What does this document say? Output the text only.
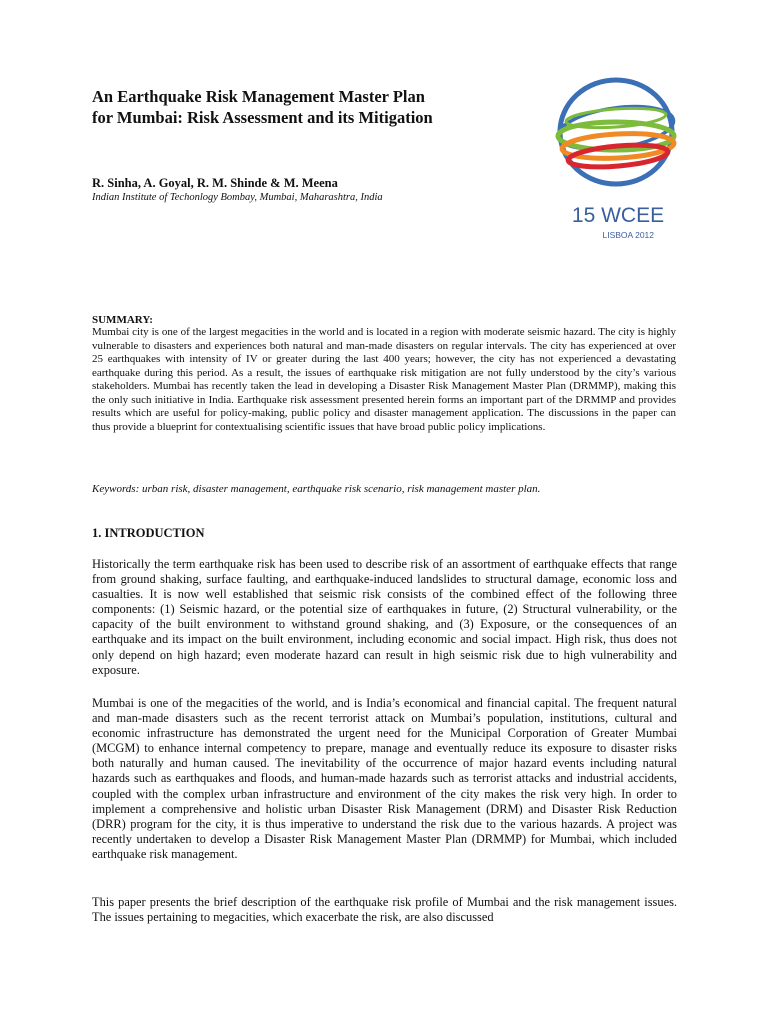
An Earthquake Risk Management Master Plan
for Mumbai: Risk Assessment and its Mitigation
15 WCEE
LISBOA 2012
R. Sinha, A. Goyal, R. M. Shinde & M. Meena
Indian Institute of Techonlogy Bombay, Mumbai, Maharashtra, India
SUMMARY:

Mumbai city is one of the largest megacities in the world and is located in a region with moderate seismic hazard. The city is highly vulnerable to disasters and experiences both natural and man-made disasters on regular intervals. The city has experienced at over 25 earthquakes with intensity of IV or greater during the last 400 years; however, the city has not experienced a devastating earthquake during this period. As a result, the issues of earthquake risk mitigation are not fully understood by the city’s various stakeholders. Mumbai has recently taken the lead in developing a Disaster Risk Management Master Plan (DRMMP), making this the only such initiative in India. Earthquake risk assessment presented herein forms an important part of the DRMMP and provides results which are useful for policy-making, public policy and disaster management application. The discussions in the paper can thus provide a blueprint for contextualising scientific issues that have broad public policy implications.

Keywords: urban risk, disaster management, earthquake risk scenario, risk management master plan.

1. INTRODUCTION

Historically the term earthquake risk has been used to describe risk of an assortment of earthquake effects that range from ground shaking, surface faulting, and earthquake-induced landslides to structural damage, economic loss and casualties. It is now well established that seismic risk consists of the combined effect of the following three components: (1) Seismic hazard, or the potential size of earthquakes in future, (2) Structural vulnerability, or the capacity of the built environment to withstand ground shaking, and (3) Exposure, or the consequences of an earthquake and its impact on the built environment, including economic and social impact. High risk, thus does not only depend on high hazard; even moderate hazard can result in high seismic risk due to high vulnerability and exposure.

Mumbai is one of the megacities of the world, and is India’s economical and financial capital. The frequent natural and man-made disasters such as the recent terrorist attack on Mumbai’s population, institutions, cultural and economic infrastructure has demonstrated the urgent need for the Municipal Corporation of Greater Mumbai (MCGM) to enhance internal competency to prepare, manage and eventually reduce its exposure to disaster risks both naturally and human caused. The inevitability of the occurrence of major hazard events including natural hazards such as earthquakes and floods, and human-made hazards such as terrorist attacks and industrial accidents, coupled with the complex urban infrastructure and environment of the city makes the risk very high. In order to implement a comprehensive and holistic urban Disaster Risk Management (DRM) and Disaster Risk Reduction (DRR) program for the city, it is thus imperative to understand the risk due to the various hazards. A project was recently undertaken to develop a Disaster Risk Management Master Plan (DRMMP) for Mumbai, which included earthquake risk management.

This paper presents the brief description of the earthquake risk profile of Mumbai and the risk management issues. The issues pertaining to megacities, which exacerbate the risk, are also discussed
